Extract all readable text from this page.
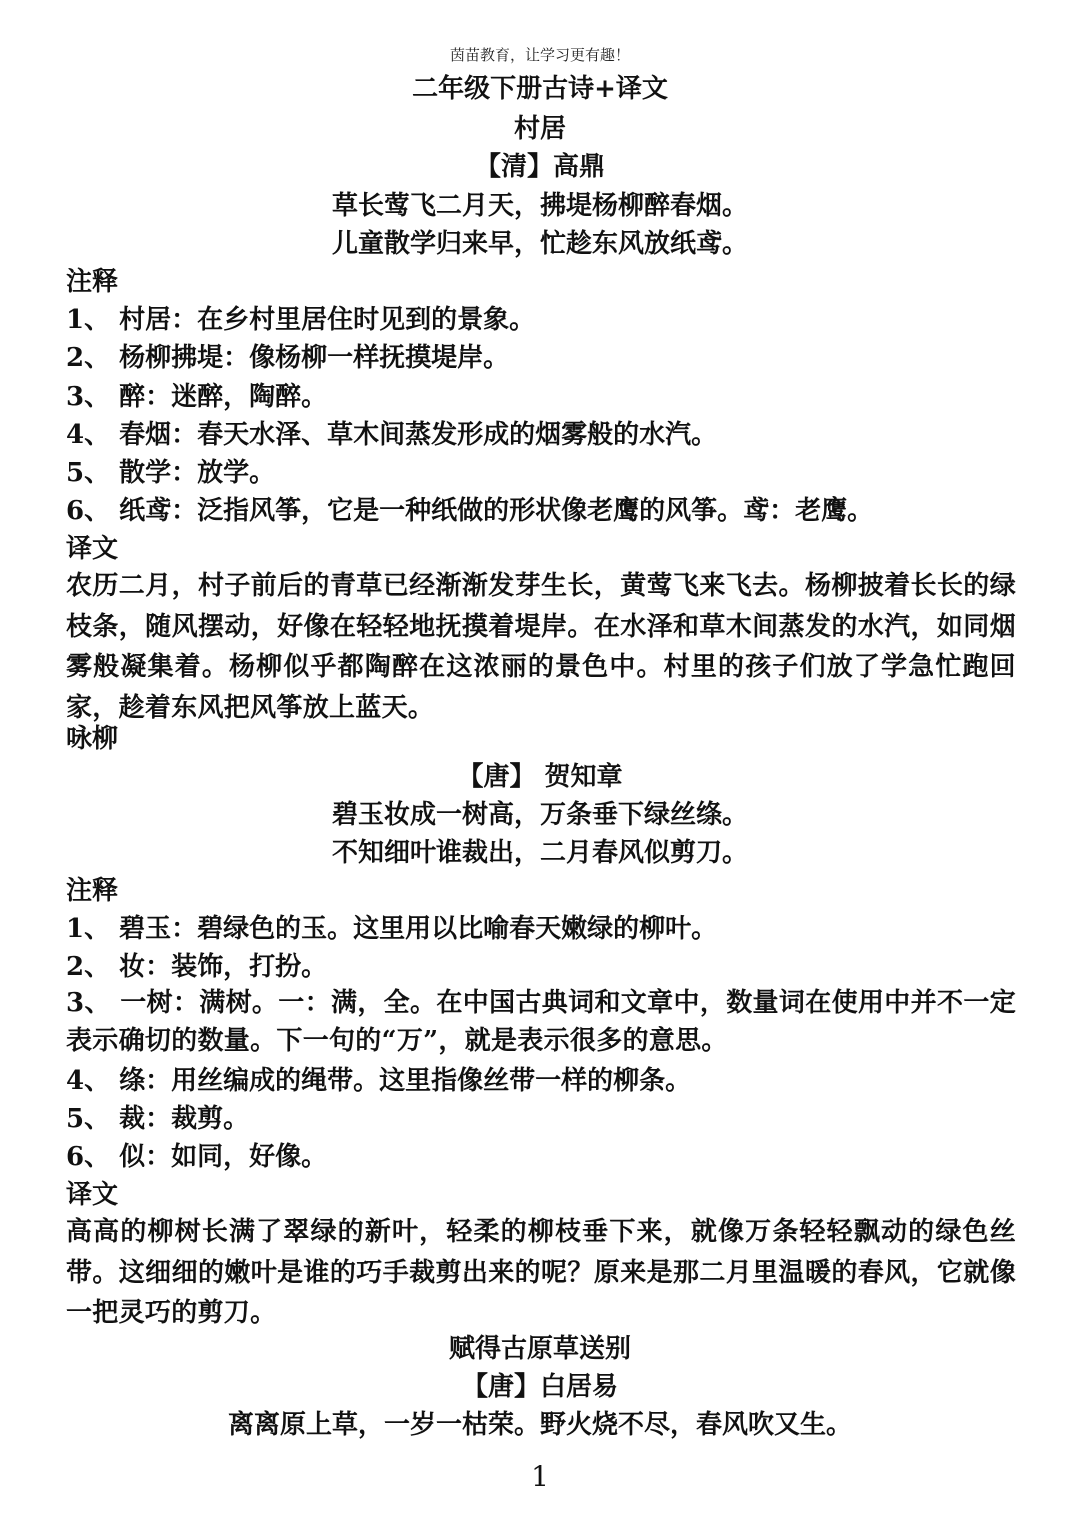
茵苗教育，让学习更有趣！
二年级下册古诗+译文
村居
【清】高鼎
草长莺飞二月天，拂堤杨柳醉春烟。
儿童散学归来早，忙趁东风放纸鸢。
注释
1、 村居：在乡村里居住时见到的景象。
2、 杨柳拂堤：像杨柳一样抚摸堤岸。
3、 醉：迷醉，陶醉。
4、 春烟：春天水泽、草木间蒸发形成的烟雾般的水汽。
5、 散学：放学。
6、 纸鸢：泛指风筝，它是一种纸做的形状像老鹰的风筝。鸢：老鹰。
译文
农历二月，村子前后的青草已经渐渐发芽生长，黄莺飞来飞去。杨柳披着长长的绿枝条，随风摆动，好像在轻轻地抚摸着堤岸。在水泽和草木间蒸发的水汽，如同烟雾般凝集着。杨柳似乎都陶醉在这浓丽的景色中。村里的孩子们放了学急忙跑回家，趁着东风把风筝放上蓝天。
咏柳
【唐】 贺知章
碧玉妆成一树高，万条垂下绿丝绦。
不知细叶谁裁出，二月春风似剪刀。
注释
1、 碧玉：碧绿色的玉。这里用以比喻春天嫩绿的柳叶。
2、 妆：装饰，打扮。
3、 一树：满树。一：满，全。在中国古典词和文章中，数量词在使用中并不一定表示确切的数量。下一句的“万”，就是表示很多的意思。
4、 绦：用丝编成的绳带。这里指像丝带一样的柳条。
5、 裁：裁剪。
6、 似：如同，好像。
译文
高高的柳树长满了翠绿的新叶，轻柔的柳枝垂下来，就像万条轻轻飘动的绿色丝带。这细细的嫩叶是谁的巧手裁剪出来的呢？原来是那二月里温暖的春风，它就像一把灵巧的剪刀。
赋得古原草送别
【唐】白居易
离离原上草，一岁一枯荣。野火烧不尽，春风吹又生。
1
